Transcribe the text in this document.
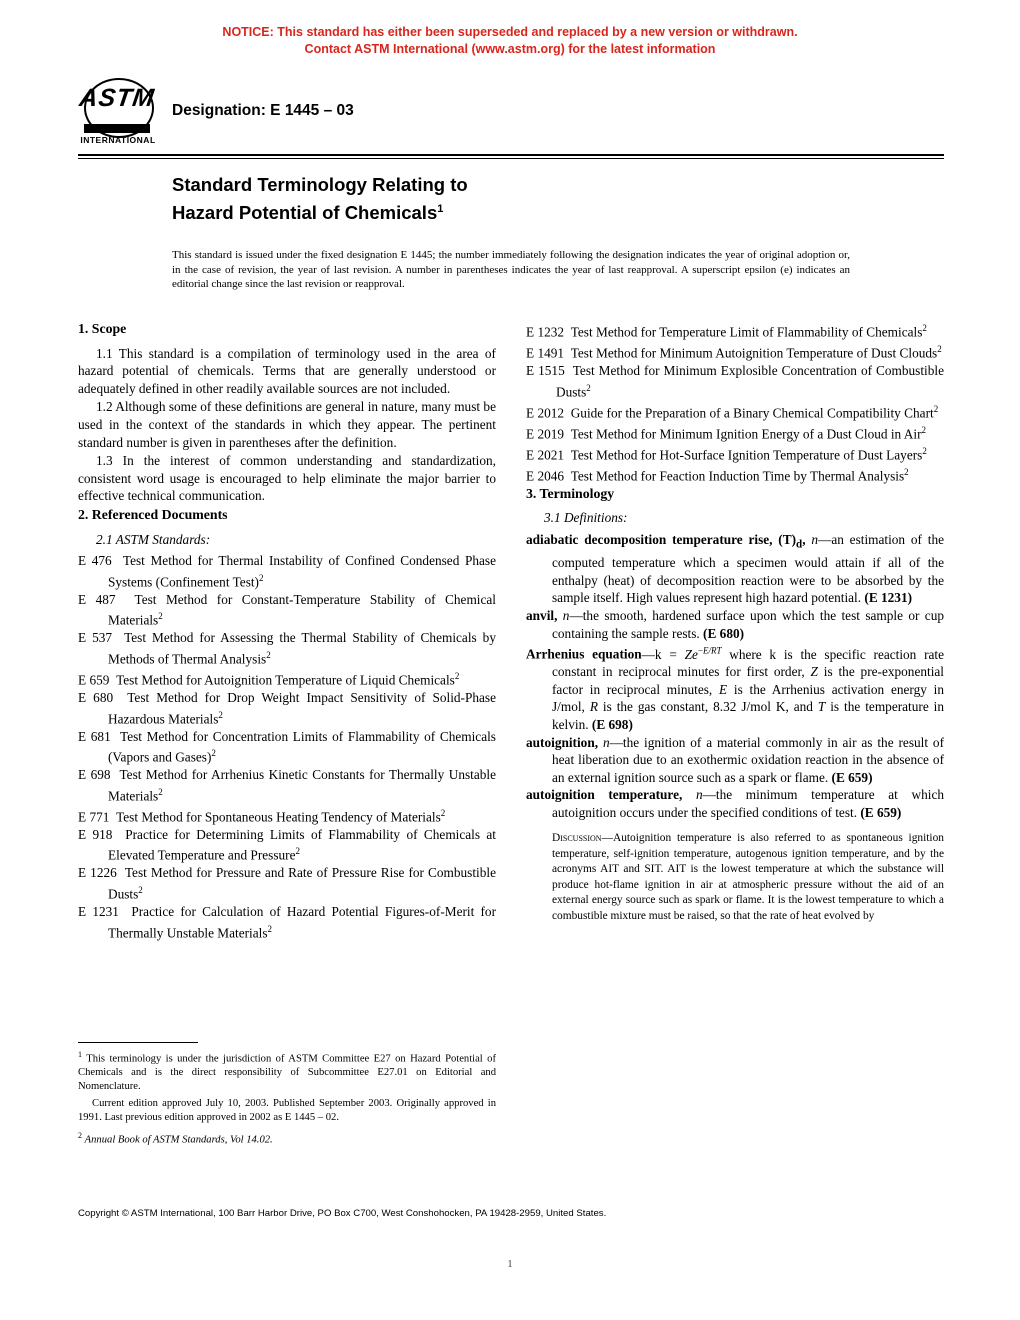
NOTICE: This standard has either been superseded and replaced by a new version or withdrawn.
Contact ASTM International (www.astm.org) for the latest information
ASTM
INTERNATIONAL
Designation: E 1445 – 03
Standard Terminology Relating to
Hazard Potential of Chemicals$^1$
This standard is issued under the fixed designation E 1445; the number immediately following the designation indicates the year of original adoption or, in the case of revision, the year of last revision. A number in parentheses indicates the year of last reapproval. A superscript epsilon (e) indicates an editorial change since the last revision or reapproval.
1. Scope

1.1 This standard is a compilation of terminology used in the area of hazard potential of chemicals. Terms that are generally understood or adequately defined in other readily available sources are not included.

1.2 Although some of these definitions are general in nature, many must be used in the context of the standards in which they appear. The pertinent standard number is given in parentheses after the definition.

1.3 In the interest of common understanding and standardization, consistent word usage is encouraged to help eliminate the major barrier to effective technical communication.

2. Referenced Documents

2.1 ASTM Standards:

E 476 Test Method for Thermal Instability of Confined Condensed Phase Systems (Confinement Test)$^2$

E 487 Test Method for Constant-Temperature Stability of Chemical Materials$^2$

E 537 Test Method for Assessing the Thermal Stability of Chemicals by Methods of Thermal Analysis$^2$

E 659 Test Method for Autoignition Temperature of Liquid Chemicals$^2$

E 680 Test Method for Drop Weight Impact Sensitivity of Solid-Phase Hazardous Materials$^2$

E 681 Test Method for Concentration Limits of Flammability of Chemicals (Vapors and Gases)$^2$

E 698 Test Method for Arrhenius Kinetic Constants for Thermally Unstable Materials$^2$

E 771 Test Method for Spontaneous Heating Tendency of Materials$^2$

E 918 Practice for Determining Limits of Flammability of Chemicals at Elevated Temperature and Pressure$^2$

E 1226 Test Method for Pressure and Rate of Pressure Rise for Combustible Dusts$^2$

E 1231 Practice for Calculation of Hazard Potential Figures-of-Merit for Thermally Unstable Materials$^2$

E 1232 Test Method for Temperature Limit of Flammability of Chemicals$^2$

E 1491 Test Method for Minimum Autoignition Temperature of Dust Clouds$^2$

E 1515 Test Method for Minimum Explosible Concentration of Combustible Dusts$^2$

E 2012 Guide for the Preparation of a Binary Chemical Compatibility Chart$^2$

E 2019 Test Method for Minimum Ignition Energy of a Dust Cloud in Air$^2$

E 2021 Test Method for Hot-Surface Ignition Temperature of Dust Layers$^2$

E 2046 Test Method for Feaction Induction Time by Thermal Analysis$^2$

3. Terminology

3.1 Definitions:

adiabatic decomposition temperature rise, $(T)_d$, n—an estimation of the computed temperature which a specimen would attain if all of the enthalpy (heat) of decomposition reaction were to be absorbed by the sample itself. High values represent high hazard potential. (E 1231)

anvil, n—the smooth, hardened surface upon which the test sample or cup containing the sample rests. (E 680)

Arrhenius equation—k = $Ze^{-E/RT}$ where k is the specific reaction rate constant in reciprocal minutes for first order, Z is the pre-exponential factor in reciprocal minutes, E is the Arrhenius activation energy in J/mol, R is the gas constant, 8.32 J/mol K, and T is the temperature in kelvin. (E 698)

autoignition, n—the ignition of a material commonly in air as the result of heat liberation due to an exothermic oxidation reaction in the absence of an external ignition source such as a spark or flame. (E 659)

autoignition temperature, n—the minimum temperature at which autoignition occurs under the specified conditions of test. (E 659)

Discussion—Autoignition temperature is also referred to as spontaneous ignition temperature, self-ignition temperature, autogenous ignition temperature, and by the acronyms AIT and SIT. AIT is the lowest temperature at which the substance will produce hot-flame ignition in air at atmospheric pressure without the aid of an external energy source such as spark or flame. It is the lowest temperature to which a combustible mixture must be raised, so that the rate of heat evolved by

$^1$ This terminology is under the jurisdiction of ASTM Committee E27 on Hazard Potential of Chemicals and is the direct responsibility of Subcommittee E27.01 on Editorial and Nomenclature.

Current edition approved July 10, 2003. Published September 2003. Originally approved in 1991. Last previous edition approved in 2002 as E 1445 – 02.

$^2$ Annual Book of ASTM Standards, Vol 14.02.

Copyright © ASTM International, 100 Barr Harbor Drive, PO Box C700, West Conshohocken, PA 19428-2959, United States.
1
